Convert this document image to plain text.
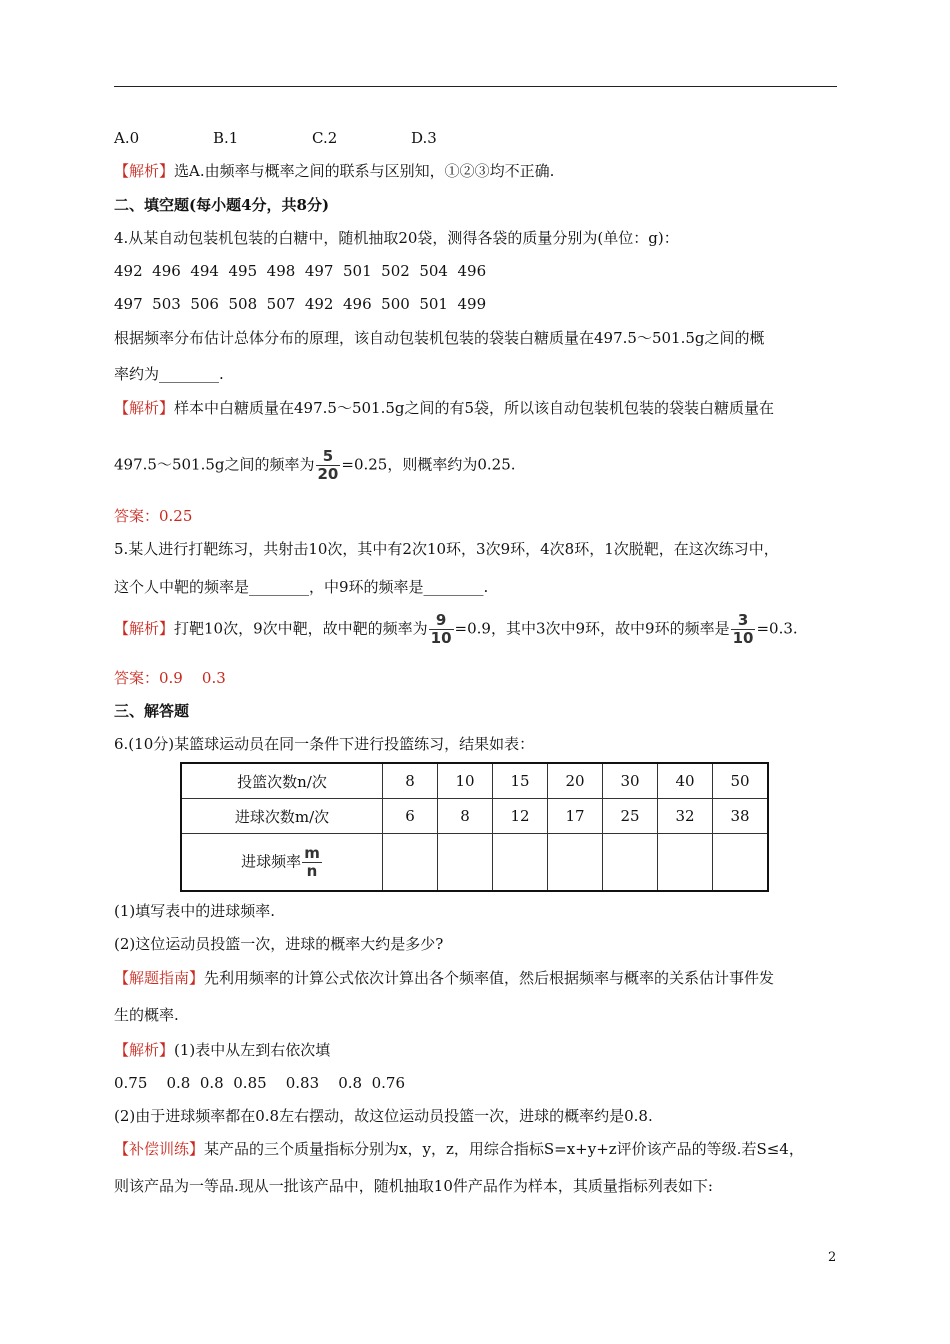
A.0	B.1	C.2	D.3
【解析】选A.由频率与概率之间的联系与区别知，①②③均不正确.
二、填空题(每小题4分，共8分)
4.从某自动包装机包装的白糖中，随机抽取20袋，测得各袋的质量分别为(单位：g)：
492  496  494  495  498  497  501  502  504  496
497  503  506  508  507  492  496  500  501  499
根据频率分布估计总体分布的原理，该自动包装机包装的袋装白糖质量在497.5～501.5g之间的概
率约为________.
【解析】样本中白糖质量在497.5～501.5g之间的有5袋，所以该自动包装机包装的袋装白糖质量在
497.5～501.5g之间的频率为 $\frac{5}{20} =0.25$，则概率约为0.25.
答案：0.25
5.某人进行打靶练习，共射击10次，其中有2次10环，3次9环，4次8环，1次脱靶，在这次练习中，
这个人中靶的频率是________，中9环的频率是________.
【解析】打靶10次，9次中靶，故中靶的频率为 $\frac{9}{10} =0.9$，其中3次中9环，故中9环的频率是 $\frac{3}{10} =0.3$.
答案：0.9    0.3
三、解答题
6.(10分)某篮球运动员在同一条件下进行投篮练习，结果如表：
投篮次数n/次	8	10	15	20	30	40	50
进球次数m/次	6	8	12	17	25	32	38
进球频率 $\frac{m}{n}$

(1)填写表中的进球频率.
(2)这位运动员投篮一次，进球的概率大约是多少?
【解题指南】先利用频率的计算公式依次计算出各个频率值，然后根据频率与概率的关系估计事件发
生的概率.
【解析】(1)表中从左到右依次填
0.75    0.8  0.8  0.85    0.83    0.8  0.76
(2)由于进球频率都在0.8左右摆动，故这位运动员投篮一次，进球的概率约是0.8.
【补偿训练】某产品的三个质量指标分别为x，y，z，用综合指标S=x+y+z评价该产品的等级.若S≤4，
则该产品为一等品.现从一批该产品中，随机抽取10件产品作为样本，其质量指标列表如下:
2
